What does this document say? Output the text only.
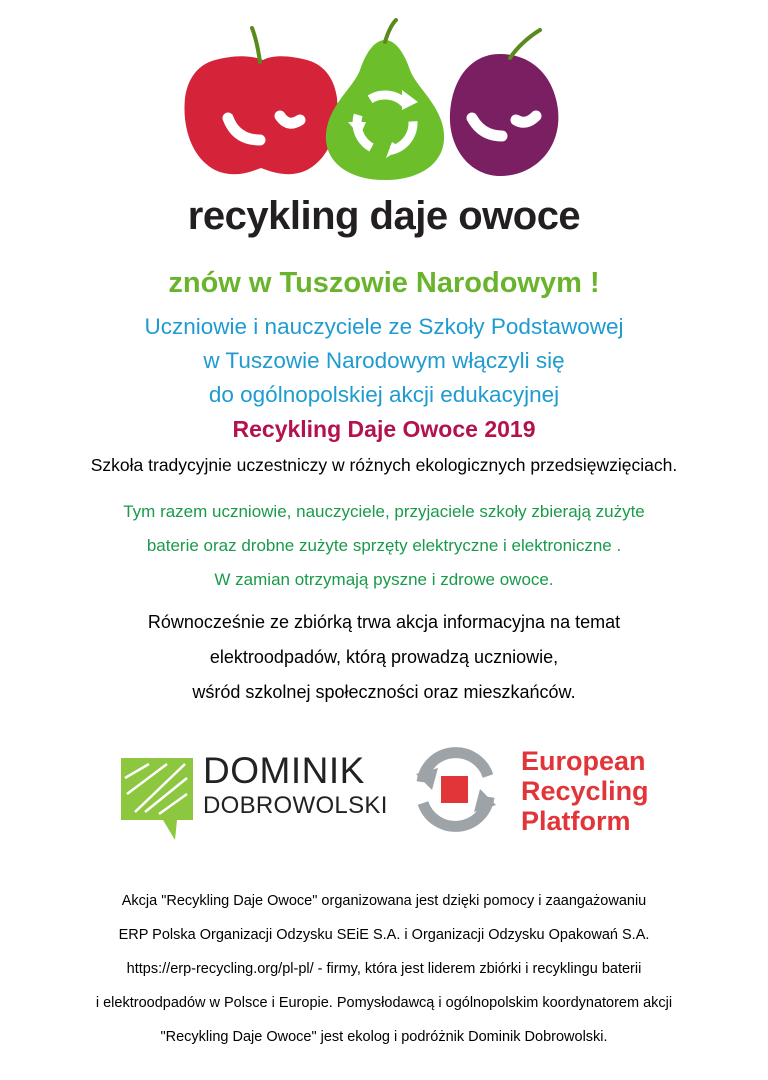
recykling daje owoce
znów w Tuszowie Narodowym !
Uczniowie i nauczyciele ze Szkoły Podstawowej
w Tuszowie Narodowym włączyli się
do ogólnopolskiej akcji edukacyjnej
Recykling Daje Owoce 2019
Szkoła tradycyjnie uczestniczy w różnych ekologicznych przedsięwzięciach.
Tym razem uczniowie, nauczyciele, przyjaciele szkoły zbierają zużyte
baterie oraz drobne zużyte sprzęty elektryczne i elektroniczne .
W zamian otrzymają pyszne i zdrowe owoce.
Równocześnie ze zbiórką trwa akcja informacyjna na temat
elektroodpadów, którą prowadzą uczniowie,
wśród szkolnej społeczności oraz mieszkańców.
DOMINIK
DOBROWOLSKI
European
Recycling
Platform
Akcja "Recykling Daje Owoce" organizowana jest dzięki pomocy i zaangażowaniu
ERP Polska Organizacji Odzysku SEiE S.A. i Organizacji Odzysku Opakowań S.A.
https://erp-recycling.org/pl-pl/ - firmy, która jest liderem zbiórki i recyklingu baterii
i elektroodpadów w Polsce i Europie. Pomysłodawcą i ogólnopolskim koordynatorem akcji
"Recykling Daje Owoce" jest ekolog i podróżnik Dominik Dobrowolski.
